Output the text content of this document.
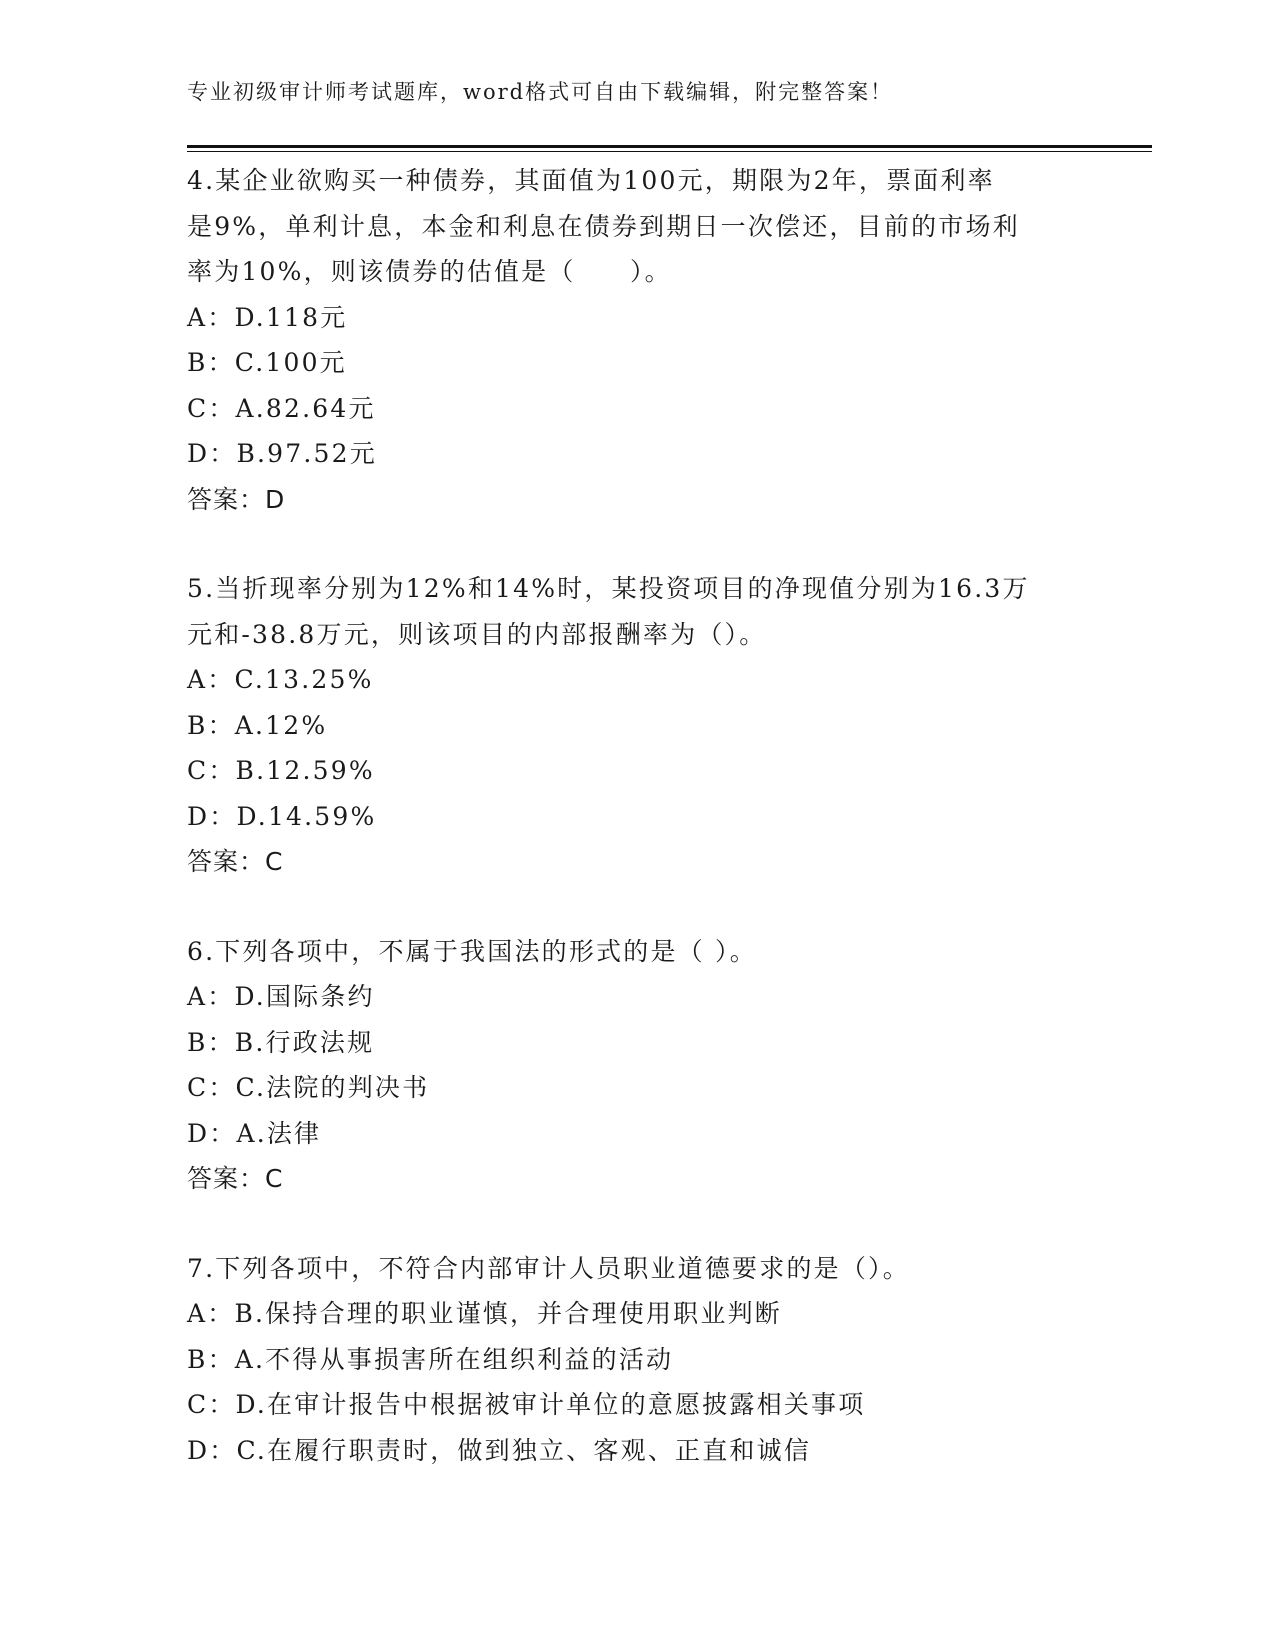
专业初级审计师考试题库，word格式可自由下载编辑，附完整答案！
4.某企业欲购买一种债券，其面值为100元，期限为2年，票面利率
是9%，单利计息，本金和利息在债券到期日一次偿还，目前的市场利
率为10%，则该债券的估值是（　　）。
A：D.118元
B：C.100元
C：A.82.64元
D：B.97.52元
答案：D
5.当折现率分别为12%和14%时，某投资项目的净现值分别为16.3万
元和-38.8万元，则该项目的内部报酬率为（）。
A：C.13.25%
B：A.12%
C：B.12.59%
D：D.14.59%
答案：C
6.下列各项中，不属于我国法的形式的是（ ）。
A：D.国际条约
B：B.行政法规
C：C.法院的判决书
D：A.法律
答案：C
7.下列各项中，不符合内部审计人员职业道德要求的是（）。
A：B.保持合理的职业谨慎，并合理使用职业判断
B：A.不得从事损害所在组织利益的活动
C：D.在审计报告中根据被审计单位的意愿披露相关事项
D：C.在履行职责时，做到独立、客观、正直和诚信
